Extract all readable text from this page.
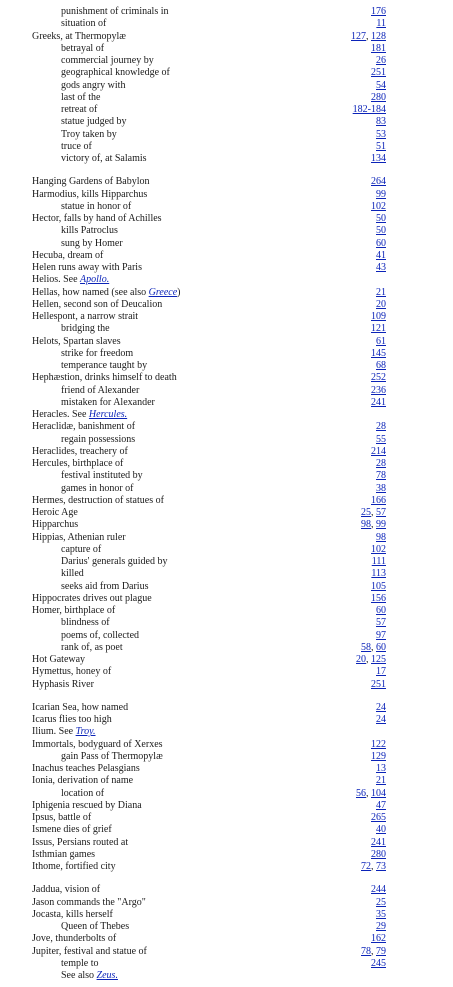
punishment of criminals in	176
situation of	11
Greeks, at Thermopylæ	127, 128
betrayal of	181
commercial journey by	26
geographical knowledge of	251
gods angry with	54
last of the	280
retreat of	182-184
statue judged by	83
Troy taken by	53
truce of	51
victory of, at Salamis	134
Hanging Gardens of Babylon	264
Harmodius, kills Hipparchus	99
statue in honor of	102
Hector, falls by hand of Achilles	50
kills Patroclus	50
sung by Homer	60
Hecuba, dream of	41
Helen runs away with Paris	43
Helios. See Apollo.
Hellas, how named (see also Greece)	21
Hellen, second son of Deucalion	20
Hellespont, a narrow strait	109
bridging the	121
Helots, Spartan slaves	61
strike for freedom	145
temperance taught by	68
Hephæstion, drinks himself to death	252
friend of Alexander	236
mistaken for Alexander	241
Heracles. See Hercules.
Heraclidæ, banishment of	28
regain possessions	55
Heraclides, treachery of	214
Hercules, birthplace of	28
festival instituted by	78
games in honor of	38
Hermes, destruction of statues of	166
Heroic Age	25, 57
Hipparchus	98, 99
Hippias, Athenian ruler	98
capture of	102
Darius' generals guided by	111
killed	113
seeks aid from Darius	105
Hippocrates drives out plague	156
Homer, birthplace of	60
blindness of	57
poems of, collected	97
rank of, as poet	58, 60
Hot Gateway	20, 125
Hymettus, honey of	17
Hyphasis River	251
Icarian Sea, how named	24
Icarus flies too high	24
Ilium. See Troy.
Immortals, bodyguard of Xerxes	122
gain Pass of Thermopylæ	129
Inachus teaches Pelasgians	13
Ionia, derivation of name	21
location of	56, 104
Iphigenia rescued by Diana	47
Ipsus, battle of	265
Ismene dies of grief	40
Issus, Persians routed at	241
Isthmian games	280
Ithome, fortified city	72, 73
Jaddua, vision of	244
Jason commands the "Argo"	25
Jocasta, kills herself	35
Queen of Thebes	29
Jove, thunderbolts of	162
Jupiter, festival and statue of	78, 79
temple to	245
See also Zeus.
